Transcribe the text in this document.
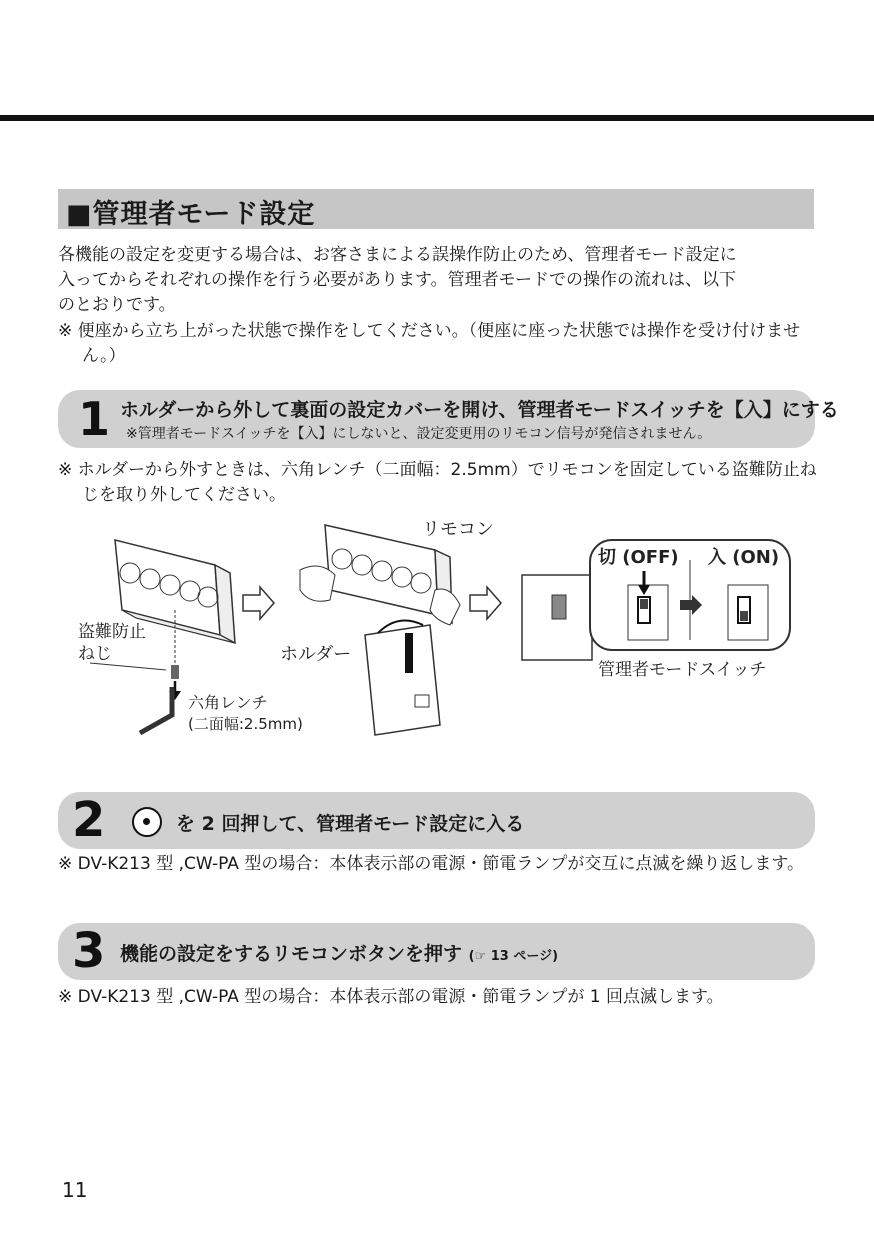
■管理者モード設定
各機能の設定を変更する場合は、お客さまによる誤操作防止のため、管理者モード設定に
入ってからそれぞれの操作を行う必要があります。管理者モードでの操作の流れは、以下
のとおりです。
※ 便座から立ち上がった状態で操作をしてください。（便座に座った状態では操作を受け付けません。）
1 ホルダーから外して裏面の設定カバーを開け、管理者モードスイッチを【入】にする
※管理者モードスイッチを【入】にしないと、設定変更用のリモコン信号が発信されません。
※ ホルダーから外すときは、六角レンチ（二面幅：2.5mm）でリモコンを固定している盗難防止ねじを取り外してください。
盗難防止
ねじ
六角レンチ
(二面幅:2.5mm)
リモコン
ホルダー
切 (OFF) 入 (ON)
管理者モードスイッチ
2	を 2 回押して、管理者モード設定に入る
※ DV-K213 型 ,CW-PA 型の場合：本体表示部の電源・節電ランプが交互に点滅を繰り返します。
3 機能の設定をするリモコンボタンを押す (☞ 13 ページ)
※ DV-K213 型 ,CW-PA 型の場合：本体表示部の電源・節電ランプが 1 回点滅します。
11
